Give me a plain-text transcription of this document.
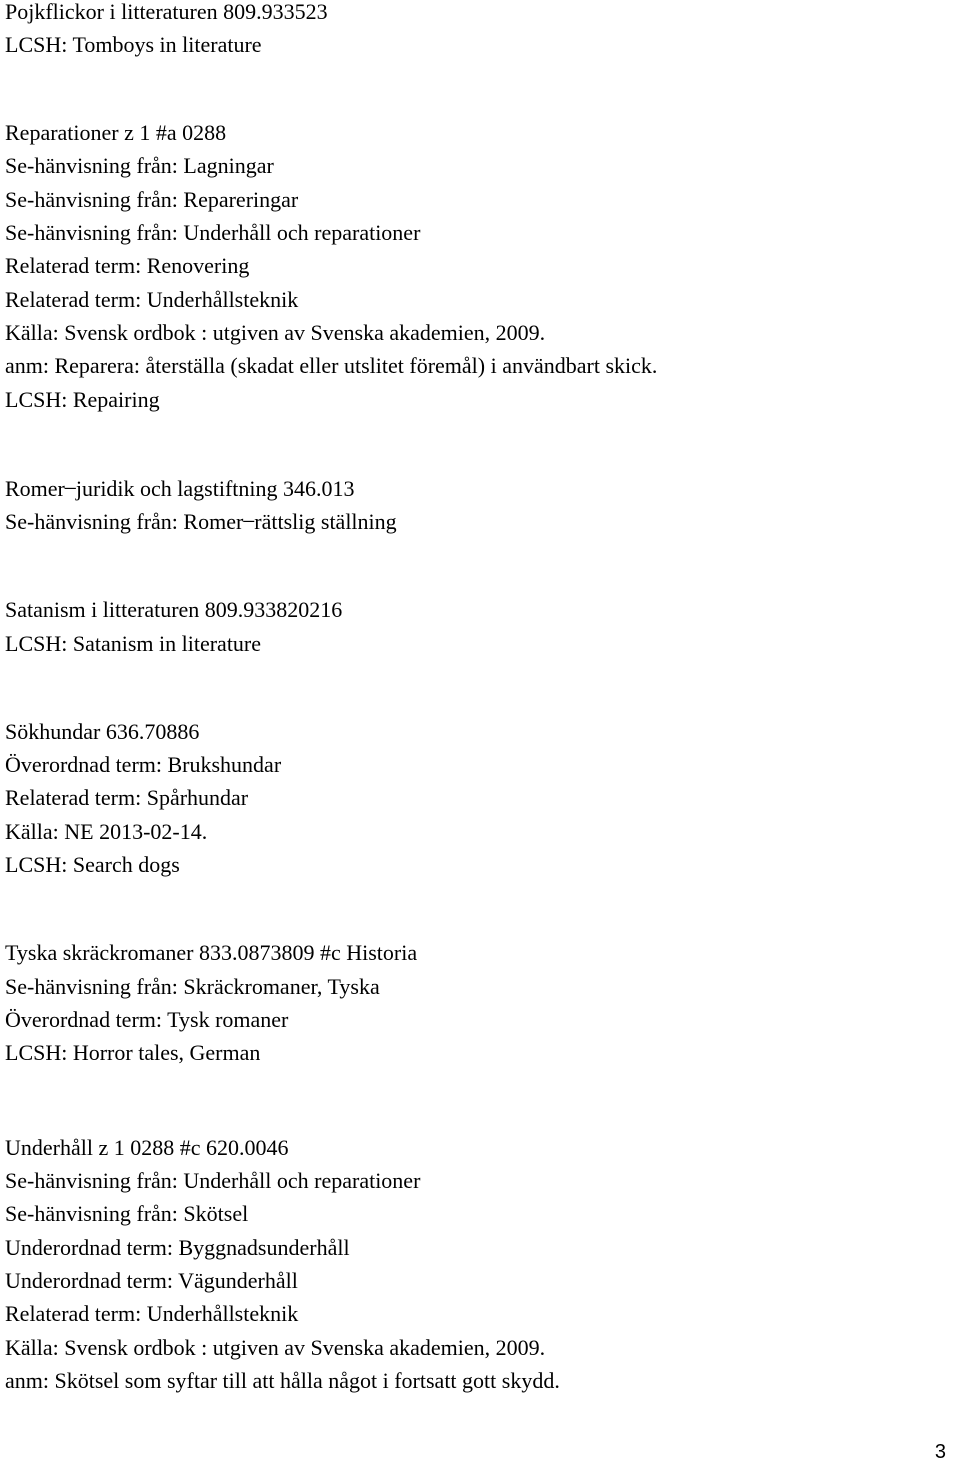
Pojkflickor i litteraturen 809.933523
LCSH: Tomboys in literature
Reparationer z 1 #a 0288
Se-hänvisning från: Lagningar
Se-hänvisning från: Repareringar
Se-hänvisning från: Underhåll och reparationer
Relaterad term: Renovering
Relaterad term: Underhållsteknik
Källa: Svensk ordbok : utgiven av Svenska akademien, 2009.
anm: Reparera: återställa (skadat eller utslitet föremål) i användbart skick.
LCSH: Repairing
Romer ̶ juridik och lagstiftning 346.013
Se-hänvisning från: Romer ̶ rättslig ställning
Satanism i litteraturen 809.933820216
LCSH: Satanism in literature
Sökhundar 636.70886
Överordnad term: Brukshundar
Relaterad term: Spårhundar
Källa: NE 2013-02-14.
LCSH: Search dogs
Tyska skräckromaner 833.0873809 #c Historia
Se-hänvisning från: Skräckromaner, Tyska
Överordnad term: Tysk romaner
LCSH: Horror tales, German
Underhåll z 1 0288 #c 620.0046
Se-hänvisning från: Underhåll och reparationer
Se-hänvisning från: Skötsel
Underordnad term: Byggnadsunderhåll
Underordnad term: Vägunderhåll
Relaterad term: Underhållsteknik
Källa: Svensk ordbok : utgiven av Svenska akademien, 2009.
anm: Skötsel som syftar till att hålla något i fortsatt gott skydd.
3
